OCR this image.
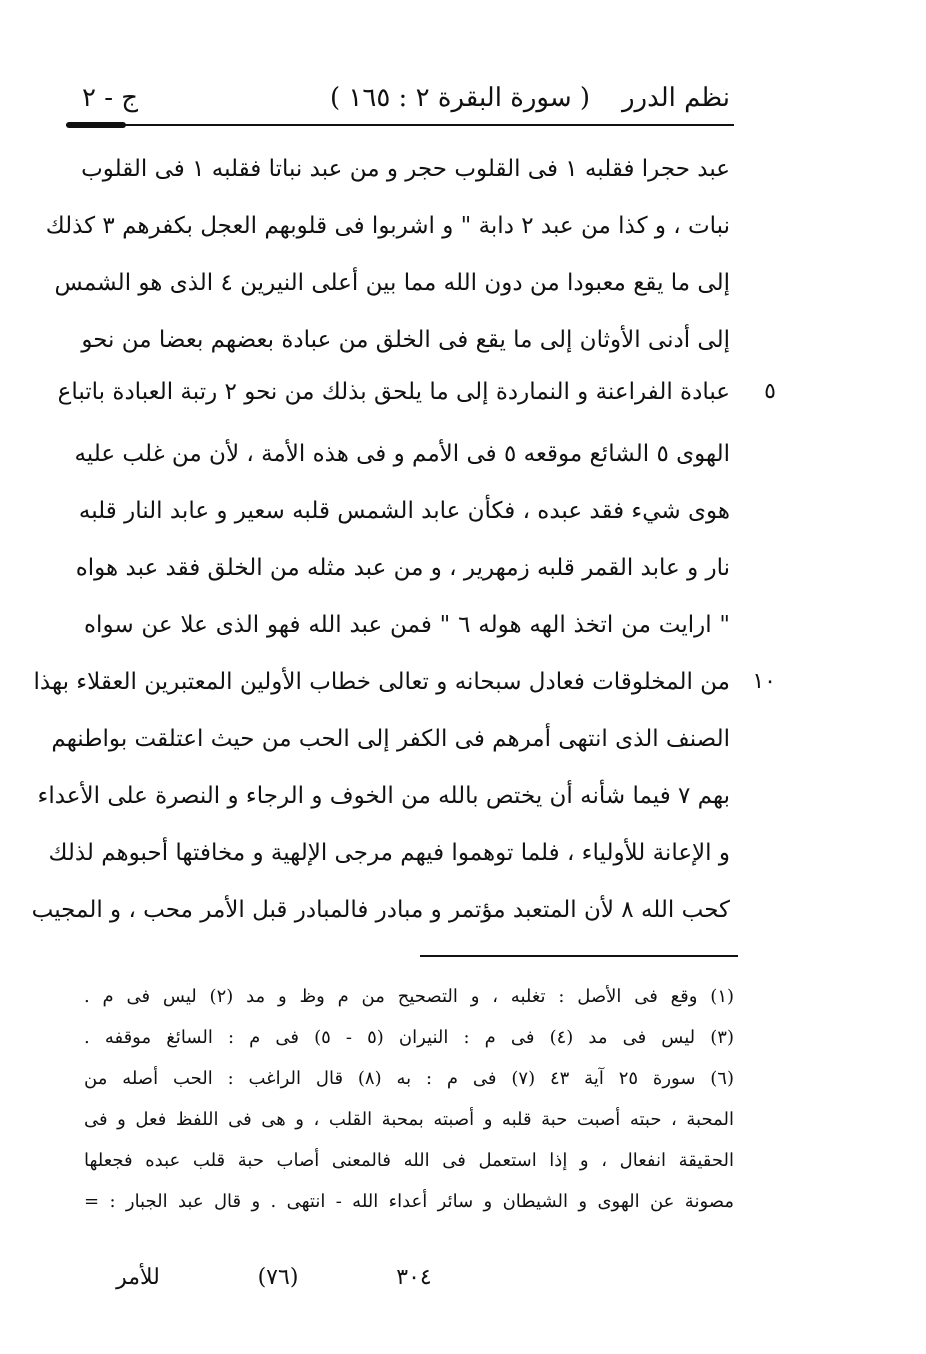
نظم الدرر
( سورة البقرة ٢ : ١٦٥ )
ج - ٢
عبد حجرا فقلبه ١ فى القلوب حجر و من عبد نباتا فقلبه ١ فى القلوب
نبات ، و كذا من عبد ٢ دابة " و اشربوا فى قلوبهم العجل بكفرهم ٣ كذلك
إلى ما يقع معبودا من دون الله مما بين أعلى النيرين ٤ الذى هو الشمس
إلى أدنى الأوثان إلى ما يقع فى الخلق من عبادة بعضهم بعضا من نحو
٥
عبادة الفراعنة و النماردة إلى ما يلحق بذلك من نحو ٢ رتبة العبادة باتباع
الهوى ٥ الشائع موقعه ٥ فى الأمم و فى هذه الأمة ، لأن من غلب عليه
هوى شيء فقد عبده ، فكأن عابد الشمس قلبه سعير و عابد النار قلبه
نار و عابد القمر قلبه زمهرير ، و من عبد مثله من الخلق فقد عبد هواه
" ارايت من اتخذ الهه هوله ٦ " فمن عبد الله فهو الذى علا عن سواه
١٠
من المخلوقات فعادل سبحانه و تعالى خطاب الأولين المعتبرين العقلاء بهذا
الصنف الذى انتهى أمرهم فى الكفر إلى الحب من حيث اعتلقت بواطنهم
بهم ٧ فيما شأنه أن يختص بالله من الخوف و الرجاء و النصرة على الأعداء
و الإعانة للأولياء ، فلما توهموا فيهم مرجى الإلهية و مخافتها أحبوهم لذلك
كحب الله ٨ لأن المتعبد مؤتمر و مبادر فالمبادر قبل الأمر محب ، و المجيب
(١) وقع فى الأصل : تغلبه ، و التصحيح من م وظ و مد (٢) ليس فى م .
(٣) ليس فى مد (٤) فى م : النيران (٥ - ٥) فى م : السائغ موقفه .
(٦) سورة ٢٥ آية ٤٣ (٧) فى م : به (٨) قال الراغب : الحب أصله من
المحبة ، حبته أصبت حبة قلبه و أصبته بمحبة القلب ، و هى فى اللفظ فعل و فى
الحقيقة انفعال ، و إذا استعمل فى الله فالمعنى أصاب حبة قلب عبده فجعلها
مصونة عن الهوى و الشيطان و سائر أعداء الله - انتهى . و قال عبد الجبار : =
٣٠٤
(٧٦)
للأمر
